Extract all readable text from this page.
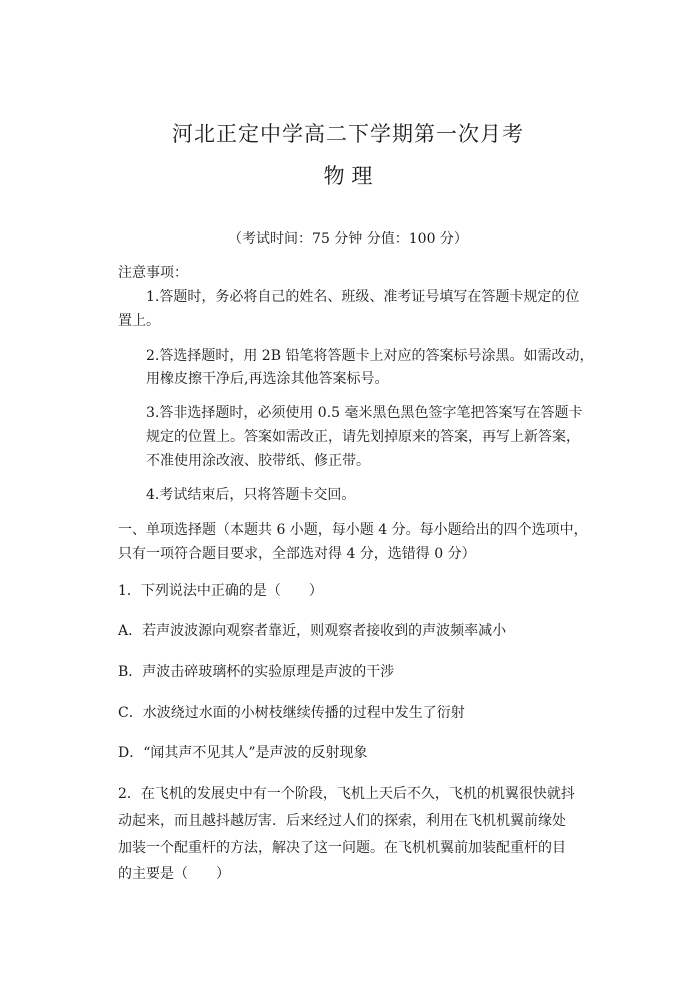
河北正定中学高二下学期第一次月考
物 理
（考试时间：75 分钟 分值：100 分）
注意事项：
1.答题时，务必将自己的姓名、班级、准考证号填写在答题卡规定的位
置上。
2.答选择题时，用 2B 铅笔将答题卡上对应的答案标号涂黑。如需改动，
用橡皮擦干净后,再选涂其他答案标号。
3.答非选择题时，必须使用 0.5 毫米黑色黑色签字笔把答案写在答题卡
规定的位置上。答案如需改正，请先划掉原来的答案，再写上新答案，
不准使用涂改液、胶带纸、修正带。
4.考试结束后，只将答题卡交回。
一、单项选择题（本题共 6 小题，每小题 4 分。每小题给出的四个选项中，
只有一项符合题目要求，全部选对得 4 分，选错得 0 分）
1．下列说法中正确的是（　　）
A．若声波波源向观察者靠近，则观察者接收到的声波频率减小
B．声波击碎玻璃杯的实验原理是声波的干涉
C．水波绕过水面的小树枝继续传播的过程中发生了衍射
D．“闻其声不见其人”是声波的反射现象
2．在飞机的发展史中有一个阶段，飞机上天后不久，飞机的机翼很快就抖
动起来，而且越抖越厉害．后来经过人们的探索，利用在飞机机翼前缘处
加装一个配重杆的方法，解决了这一问题。在飞机机翼前加装配重杆的目
的主要是（　　）
